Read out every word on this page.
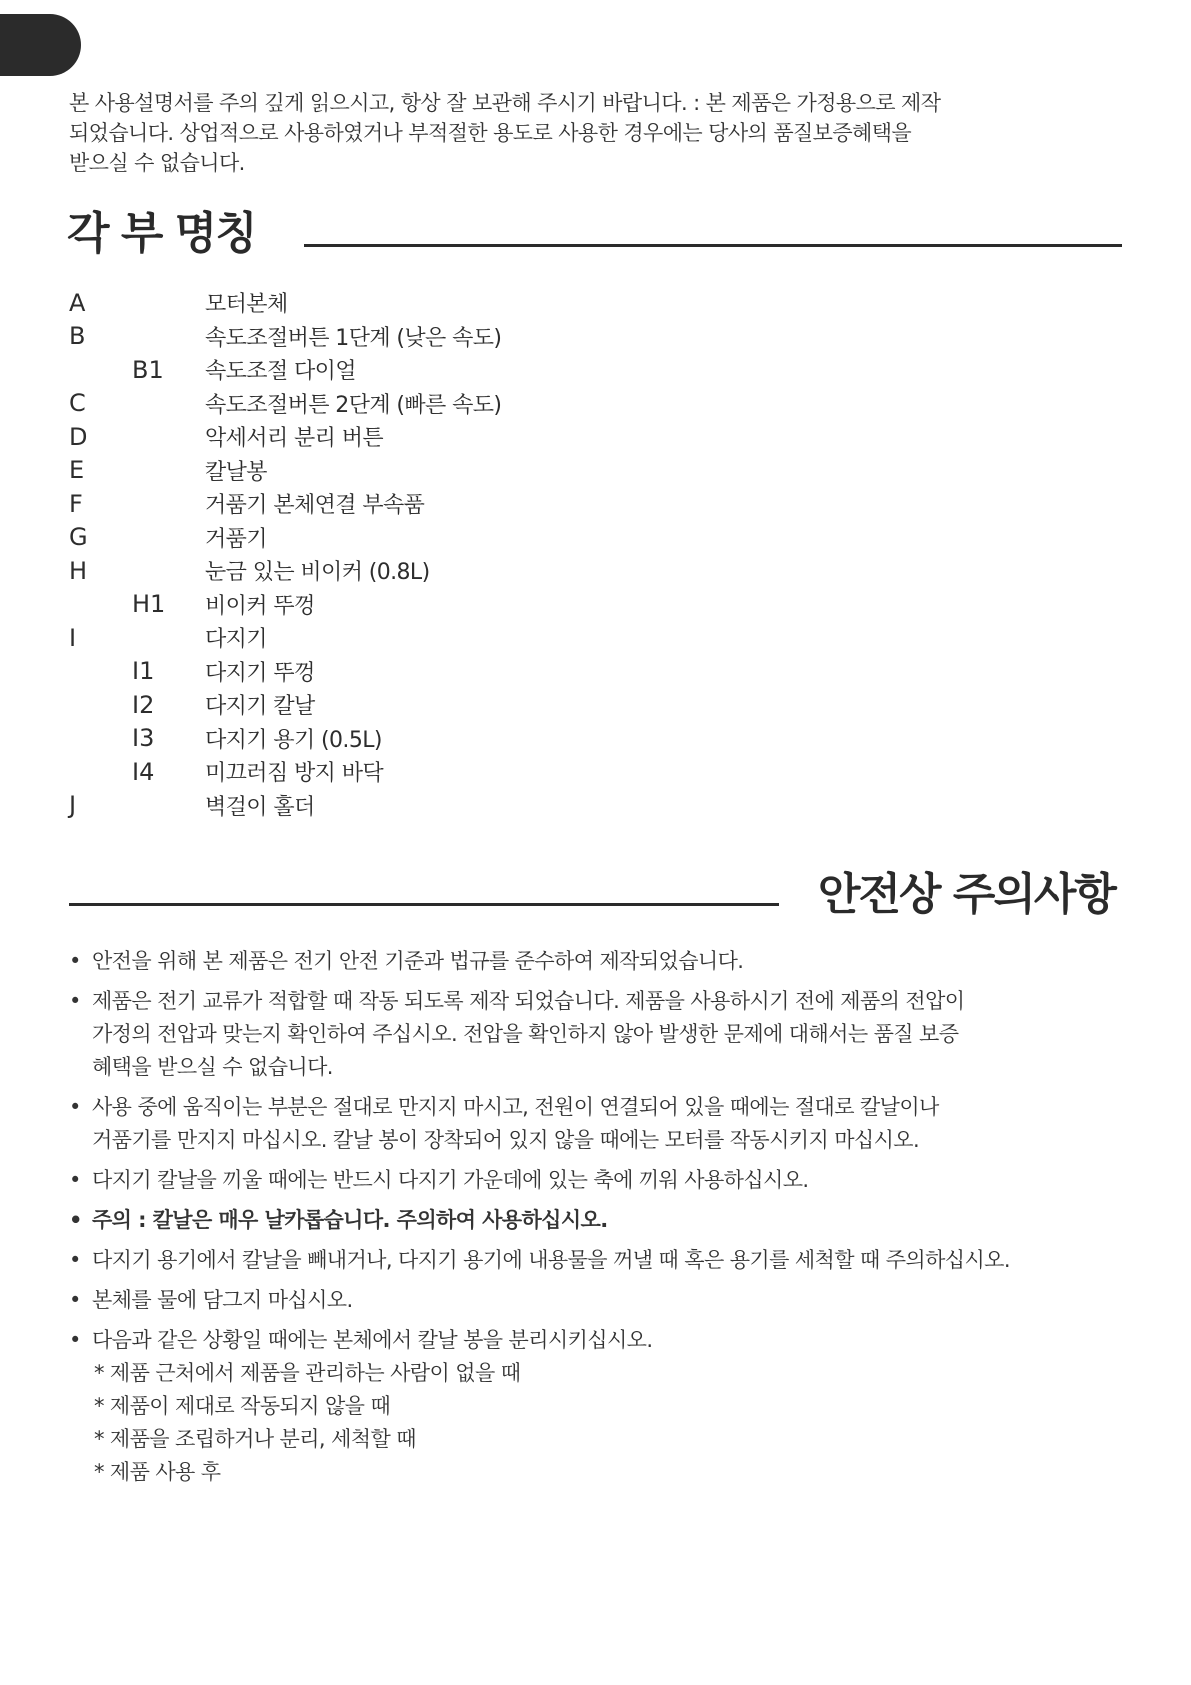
본 사용설명서를 주의 깊게 읽으시고, 항상 잘 보관해 주시기 바랍니다. : 본 제품은 가정용으로 제작

되었습니다. 상업적으로 사용하였거나 부적절한 용도로 사용한 경우에는 당사의 품질보증혜택을

받으실 수 없습니다.

각 부 명칭
A	모터본체
B	속도조절버튼 1단계 (낮은 속도)
B1	속도조절 다이얼
C	속도조절버튼 2단계 (빠른 속도)
D	악세서리 분리 버튼
E	칼날봉
F	거품기 본체연결 부속품
G	거품기
H	눈금 있는 비이커 (0.8L)
H1	비이커 뚜껑
I	다지기
I1	다지기 뚜껑
I2	다지기 칼날
I3	다지기 용기 (0.5L)
I4	미끄러짐 방지 바닥
J	벽걸이 홀더
안전상 주의사항
• 안전을 위해 본 제품은 전기 안전 기준과 법규를 준수하여 제작되었습니다.
• 제품은 전기 교류가 적합할 때 작동 되도록 제작 되었습니다. 제품을 사용하시기 전에 제품의 전압이
가정의 전압과 맞는지 확인하여 주십시오. 전압을 확인하지 않아 발생한 문제에 대해서는 품질 보증
혜택을 받으실 수 없습니다.
• 사용 중에 움직이는 부분은 절대로 만지지 마시고, 전원이 연결되어 있을 때에는 절대로 칼날이나
거품기를 만지지 마십시오. 칼날 봉이 장착되어 있지 않을 때에는 모터를 작동시키지 마십시오.
• 다지기 칼날을 끼울 때에는 반드시 다지기 가운데에 있는 축에 끼워 사용하십시오.
• 주의 : 칼날은 매우 날카롭습니다. 주의하여 사용하십시오.
• 다지기 용기에서 칼날을 빼내거나, 다지기 용기에 내용물을 꺼낼 때 혹은 용기를 세척할 때 주의하십시오.
• 본체를 물에 담그지 마십시오.
• 다음과 같은 상황일 때에는 본체에서 칼날 봉을 분리시키십시오.
* 제품 근처에서 제품을 관리하는 사람이 없을 때
* 제품이 제대로 작동되지 않을 때
* 제품을 조립하거나 분리, 세척할 때
* 제품 사용 후
